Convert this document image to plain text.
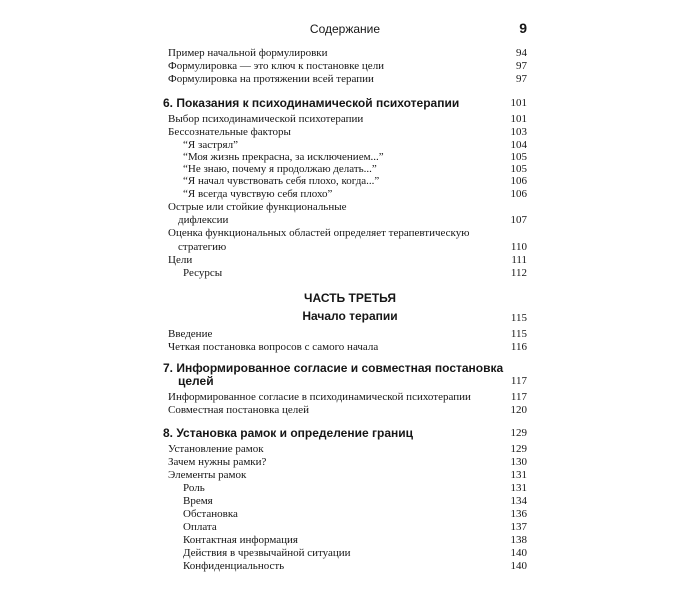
Содержание	9
Пример начальной формулировки	94
Формулировка — это ключ к постановке цели	97
Формулировка на протяжении всей терапии	97
6. Показания к психодинамической психотерапии	101
Выбор психодинамической психотерапии	101
Бессознательные факторы	103
“Я застрял”	104
“Моя жизнь прекрасна, за исключением...”	105
“Не знаю, почему я продолжаю делать...”	105
“Я начал чувствовать себя плохо, когда...”	106
“Я всегда чувствую себя плохо”	106
Острые или стойкие функциональные
дифлексии	107
Оценка функциональных областей определяет терапевтическую
стратегию	110
Цели	111
Ресурсы	112
ЧАСТЬ ТРЕТЬЯ
Начало терапии	115
Введение	115
Четкая постановка вопросов с самого начала	116
7. Информированное согласие и совместная постановка
целей	117
Информированное согласие в психодинамической психотерапии	117
Совместная постановка целей	120
8. Установка рамок и определение границ	129
Установление рамок	129
Зачем нужны рамки?	130
Элементы рамок	131
Роль	131
Время	134
Обстановка	136
Оплата	137
Контактная информация	138
Действия в чрезвычайной ситуации	140
Конфиденциальность	140
